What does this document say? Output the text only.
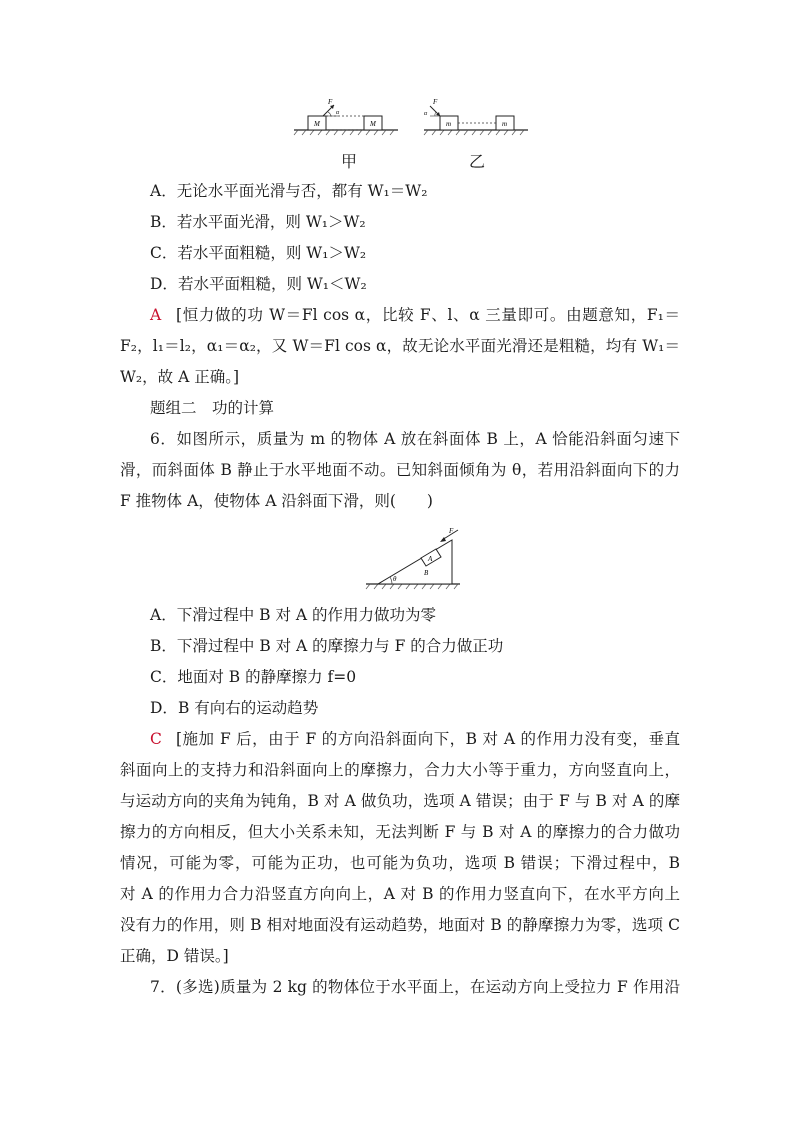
F
α
M	M
F
α
m	m
甲	乙
A．无论水平面光滑与否，都有 W₁＝W₂
B．若水平面光滑，则 W₁＞W₂
C．若水平面粗糙，则 W₁＞W₂
D．若水平面粗糙，则 W₁＜W₂
A [恒力做的功 W＝Fl cos α，比较 F、l、α 三量即可。由题意知，F₁＝
F₂，l₁＝l₂，α₁＝α₂，又 W＝Fl cos α，故无论水平面光滑还是粗糙，均有 W₁＝
W₂，故 A 正确。]
题组二　功的计算
6．如图所示，质量为 m 的物体 A 放在斜面体 B 上，A 恰能沿斜面匀速下
滑，而斜面体 B 静止于水平地面不动。已知斜面倾角为 θ，若用沿斜面向下的力
F 推物体 A，使物体 A 沿斜面下滑，则(　　)
F
A
B
θ
A．下滑过程中 B 对 A 的作用力做功为零
B．下滑过程中 B 对 A 的摩擦力与 F 的合力做正功
C．地面对 B 的静摩擦力 f=0
D．B 有向右的运动趋势
C [施加 F 后，由于 F 的方向沿斜面向下，B 对 A 的作用力没有变，垂直
斜面向上的支持力和沿斜面向上的摩擦力，合力大小等于重力，方向竖直向上，
与运动方向的夹角为钝角，B 对 A 做负功，选项 A 错误；由于 F 与 B 对 A 的摩
擦力的方向相反，但大小关系未知，无法判断 F 与 B 对 A 的摩擦力的合力做功
情况，可能为零，可能为正功，也可能为负功，选项 B 错误；下滑过程中，B
对 A 的作用力合力沿竖直方向向上，A 对 B 的作用力竖直向下，在水平方向上
没有力的作用，则 B 相对地面没有运动趋势，地面对 B 的静摩擦力为零，选项 C
正确，D 错误。]
7．(多选)质量为 2 kg 的物体位于水平面上，在运动方向上受拉力 F 作用沿
